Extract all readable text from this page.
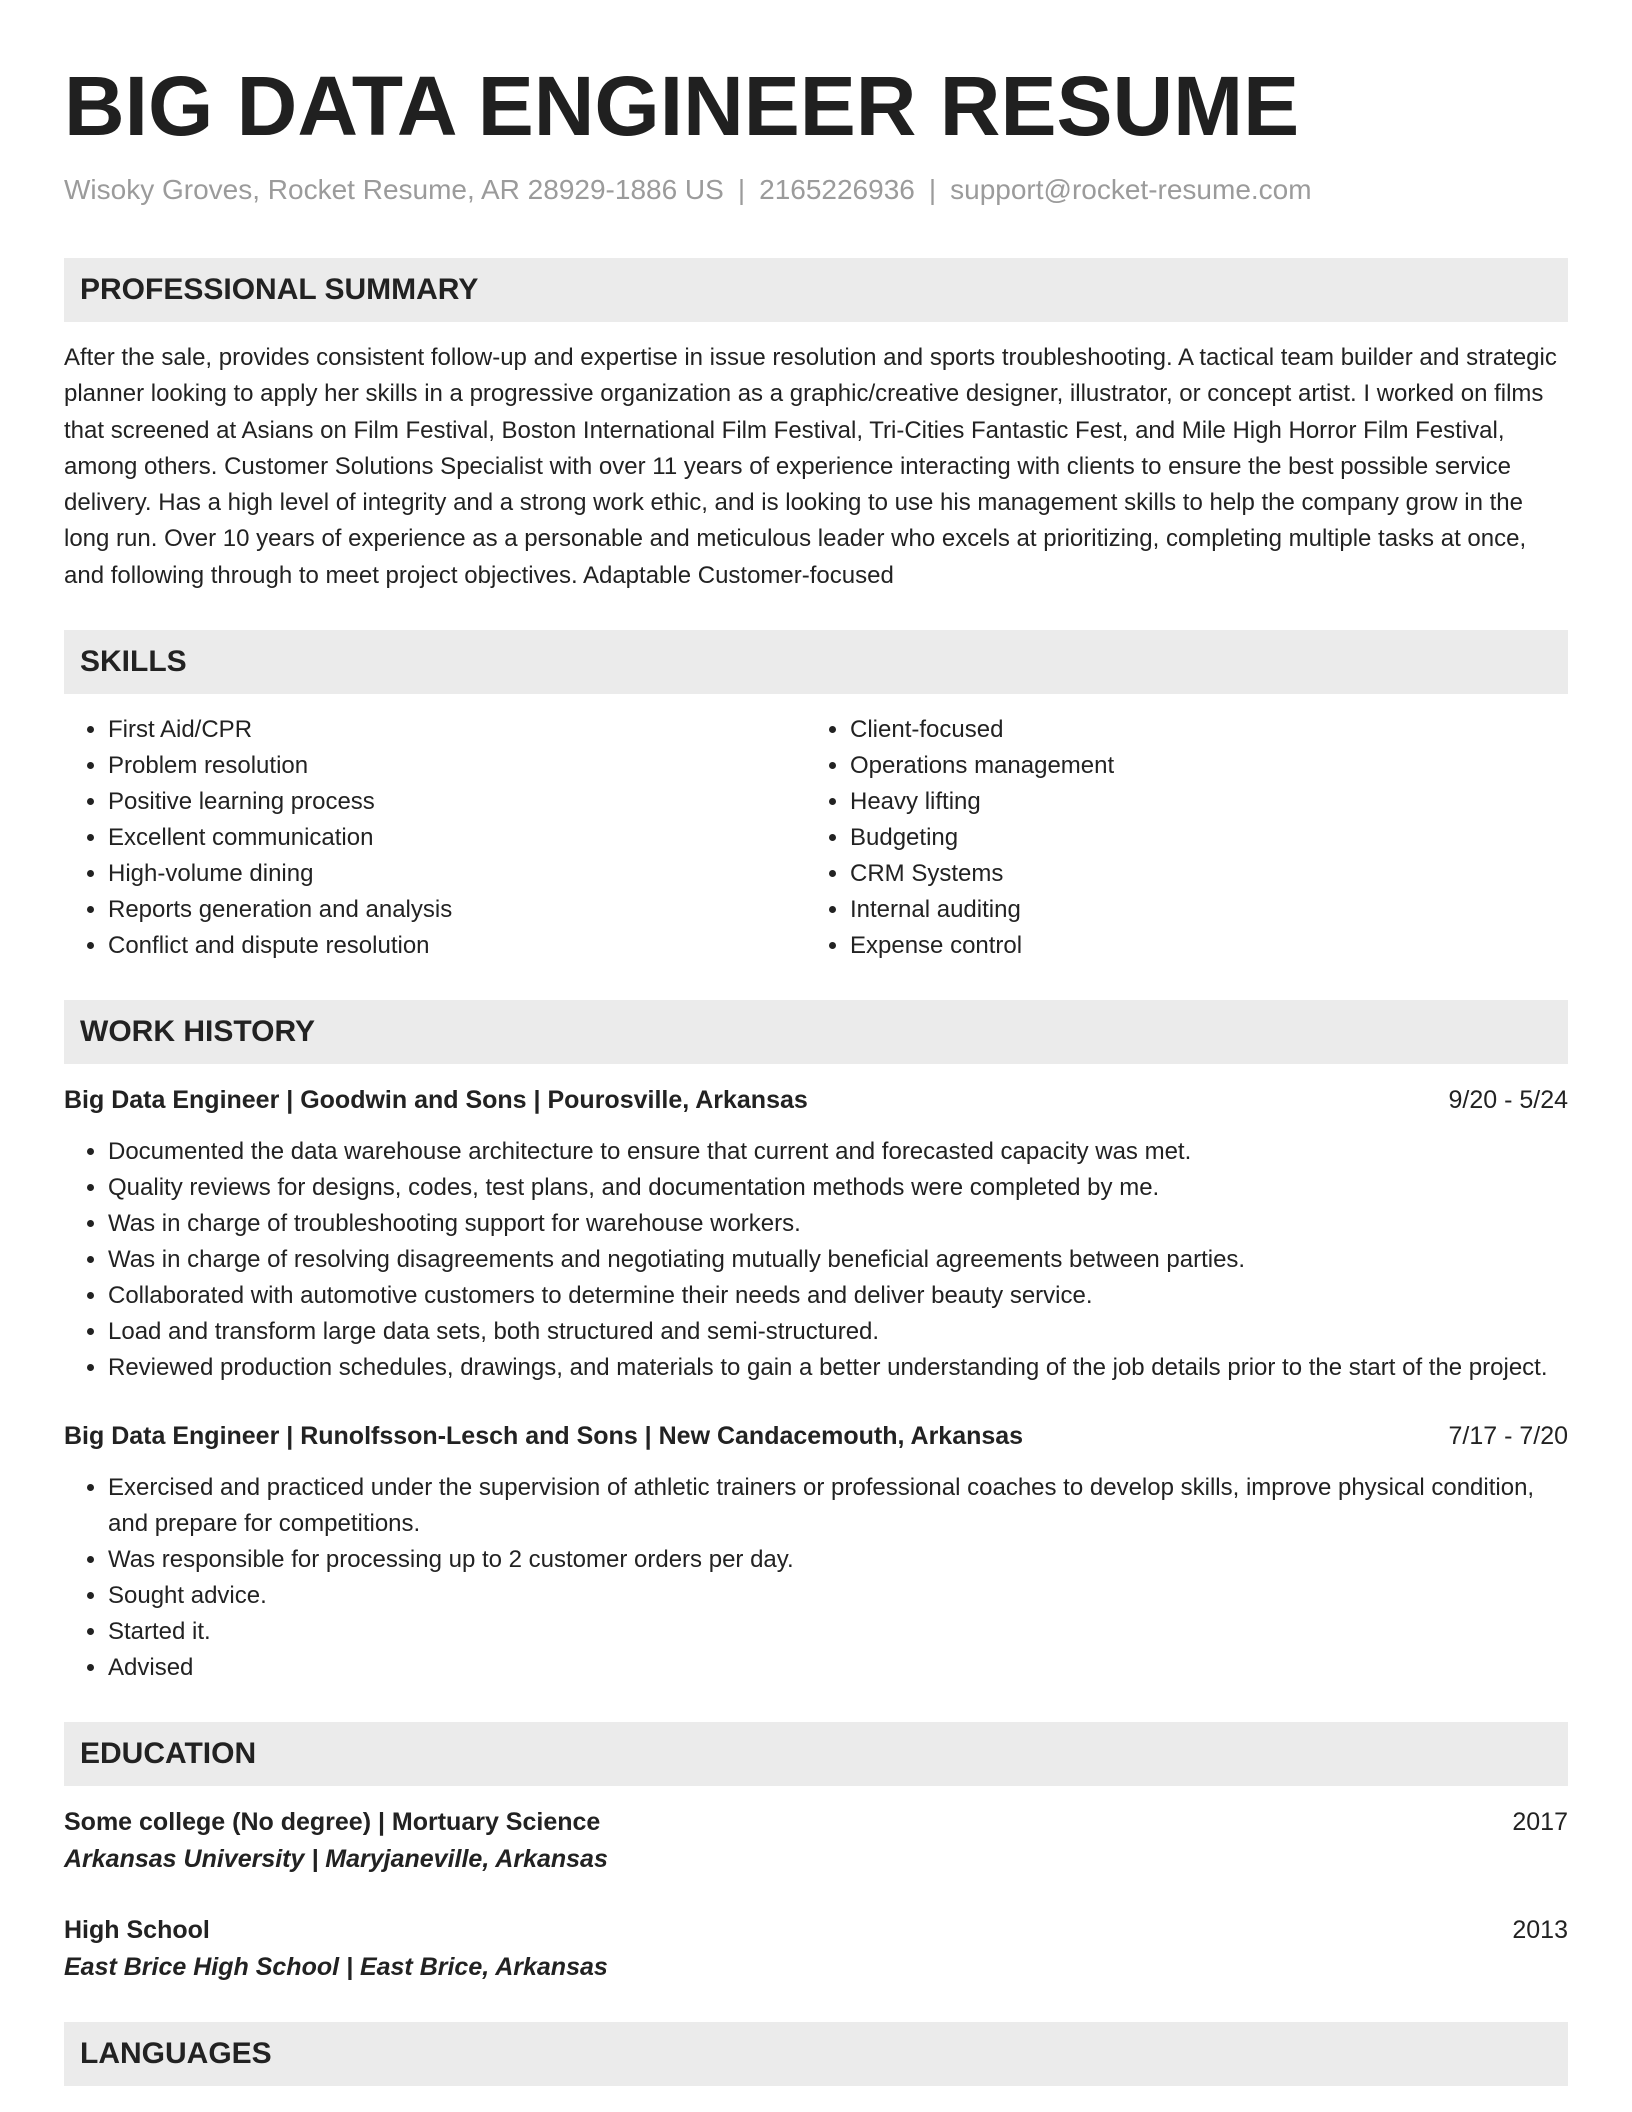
BIG DATA ENGINEER RESUME
Wisoky Groves, Rocket Resume, AR 28929-1886 US | 2165226936 | support@rocket-resume.com
PROFESSIONAL SUMMARY

After the sale, provides consistent follow-up and expertise in issue resolution and sports troubleshooting. A tactical team builder and strategic planner looking to apply her skills in a progressive organization as a graphic/creative designer, illustrator, or concept artist. I worked on films that screened at Asians on Film Festival, Boston International Film Festival, Tri-Cities Fantastic Fest, and Mile High Horror Film Festival, among others. Customer Solutions Specialist with over 11 years of experience interacting with clients to ensure the best possible service delivery. Has a high level of integrity and a strong work ethic, and is looking to use his management skills to help the company grow in the long run. Over 10 years of experience as a personable and meticulous leader who excels at prioritizing, completing multiple tasks at once, and following through to meet project objectives. Adaptable Customer-focused

SKILLS
• First Aid/CPR
• Problem resolution
• Positive learning process
• Excellent communication
• High-volume dining
• Reports generation and analysis
• Conflict and dispute resolution
• Client-focused
• Operations management
• Heavy lifting
• Budgeting
• CRM Systems
• Internal auditing
• Expense control
WORK HISTORY
Big Data Engineer | Goodwin and Sons | Pourosville, Arkansas	9/20 - 5/24
• Documented the data warehouse architecture to ensure that current and forecasted capacity was met.
• Quality reviews for designs, codes, test plans, and documentation methods were completed by me.
• Was in charge of troubleshooting support for warehouse workers.
• Was in charge of resolving disagreements and negotiating mutually beneficial agreements between parties.
• Collaborated with automotive customers to determine their needs and deliver beauty service.
• Load and transform large data sets, both structured and semi-structured.
• Reviewed production schedules, drawings, and materials to gain a better understanding of the job details prior to the start of the project.
Big Data Engineer | Runolfsson-Lesch and Sons | New Candacemouth, Arkansas	7/17 - 7/20
• Exercised and practiced under the supervision of athletic trainers or professional coaches to develop skills, improve physical condition, and prepare for competitions.
• Was responsible for processing up to 2 customer orders per day.
• Sought advice.
• Started it.
• Advised
EDUCATION
Some college (No degree) | Mortuary Science	2017
Arkansas University | Maryjaneville, Arkansas
High School	2013
East Brice High School | East Brice, Arkansas
LANGUAGES
